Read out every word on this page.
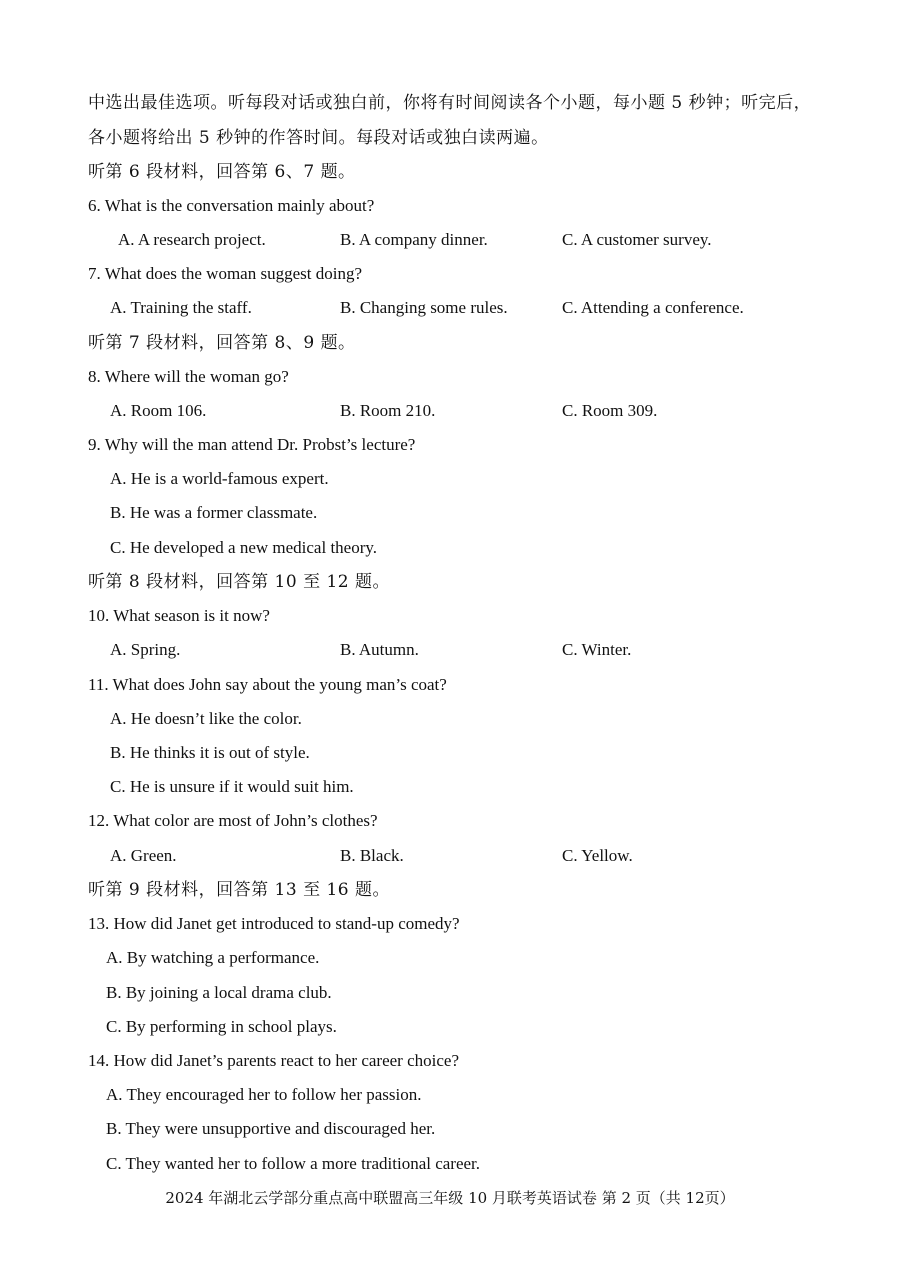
中选出最佳选项。听每段对话或独白前，你将有时间阅读各个小题，每小题 5 秒钟；听完后，
各小题将给出 5 秒钟的作答时间。每段对话或独白读两遍。
听第 6 段材料，回答第 6、7 题。
6. What is the conversation mainly about?
A. A research project.	B. A company dinner.	C. A customer survey.
7. What does the woman suggest doing?
A. Training the staff.	B. Changing some rules.	C. Attending a conference.
听第 7 段材料，回答第 8、9 题。
8. Where will the woman go?
A. Room 106.	B. Room 210.	C. Room 309.
9. Why will the man attend Dr. Probst’s lecture?
A. He is a world-famous expert.
B. He was a former classmate.
C. He developed a new medical theory.
听第 8 段材料，回答第 10 至 12 题。
10. What season is it now?
A. Spring.	B. Autumn.	C. Winter.
11. What does John say about the young man’s coat?
A. He doesn’t like the color.
B. He thinks it is out of style.
C. He is unsure if it would suit him.
12. What color are most of John’s clothes?
A. Green.	B. Black.	C. Yellow.
听第 9 段材料，回答第 13 至 16 题。
13. How did Janet get introduced to stand-up comedy?
A. By watching a performance.
B. By joining a local drama club.
C. By performing in school plays.
14. How did Janet’s parents react to her career choice?
A. They encouraged her to follow her passion.
B. They were unsupportive and discouraged her.
C. They wanted her to follow a more traditional career.
2024 年湖北云学部分重点高中联盟高三年级 10 月联考英语试卷 第 2 页（共 12页）
